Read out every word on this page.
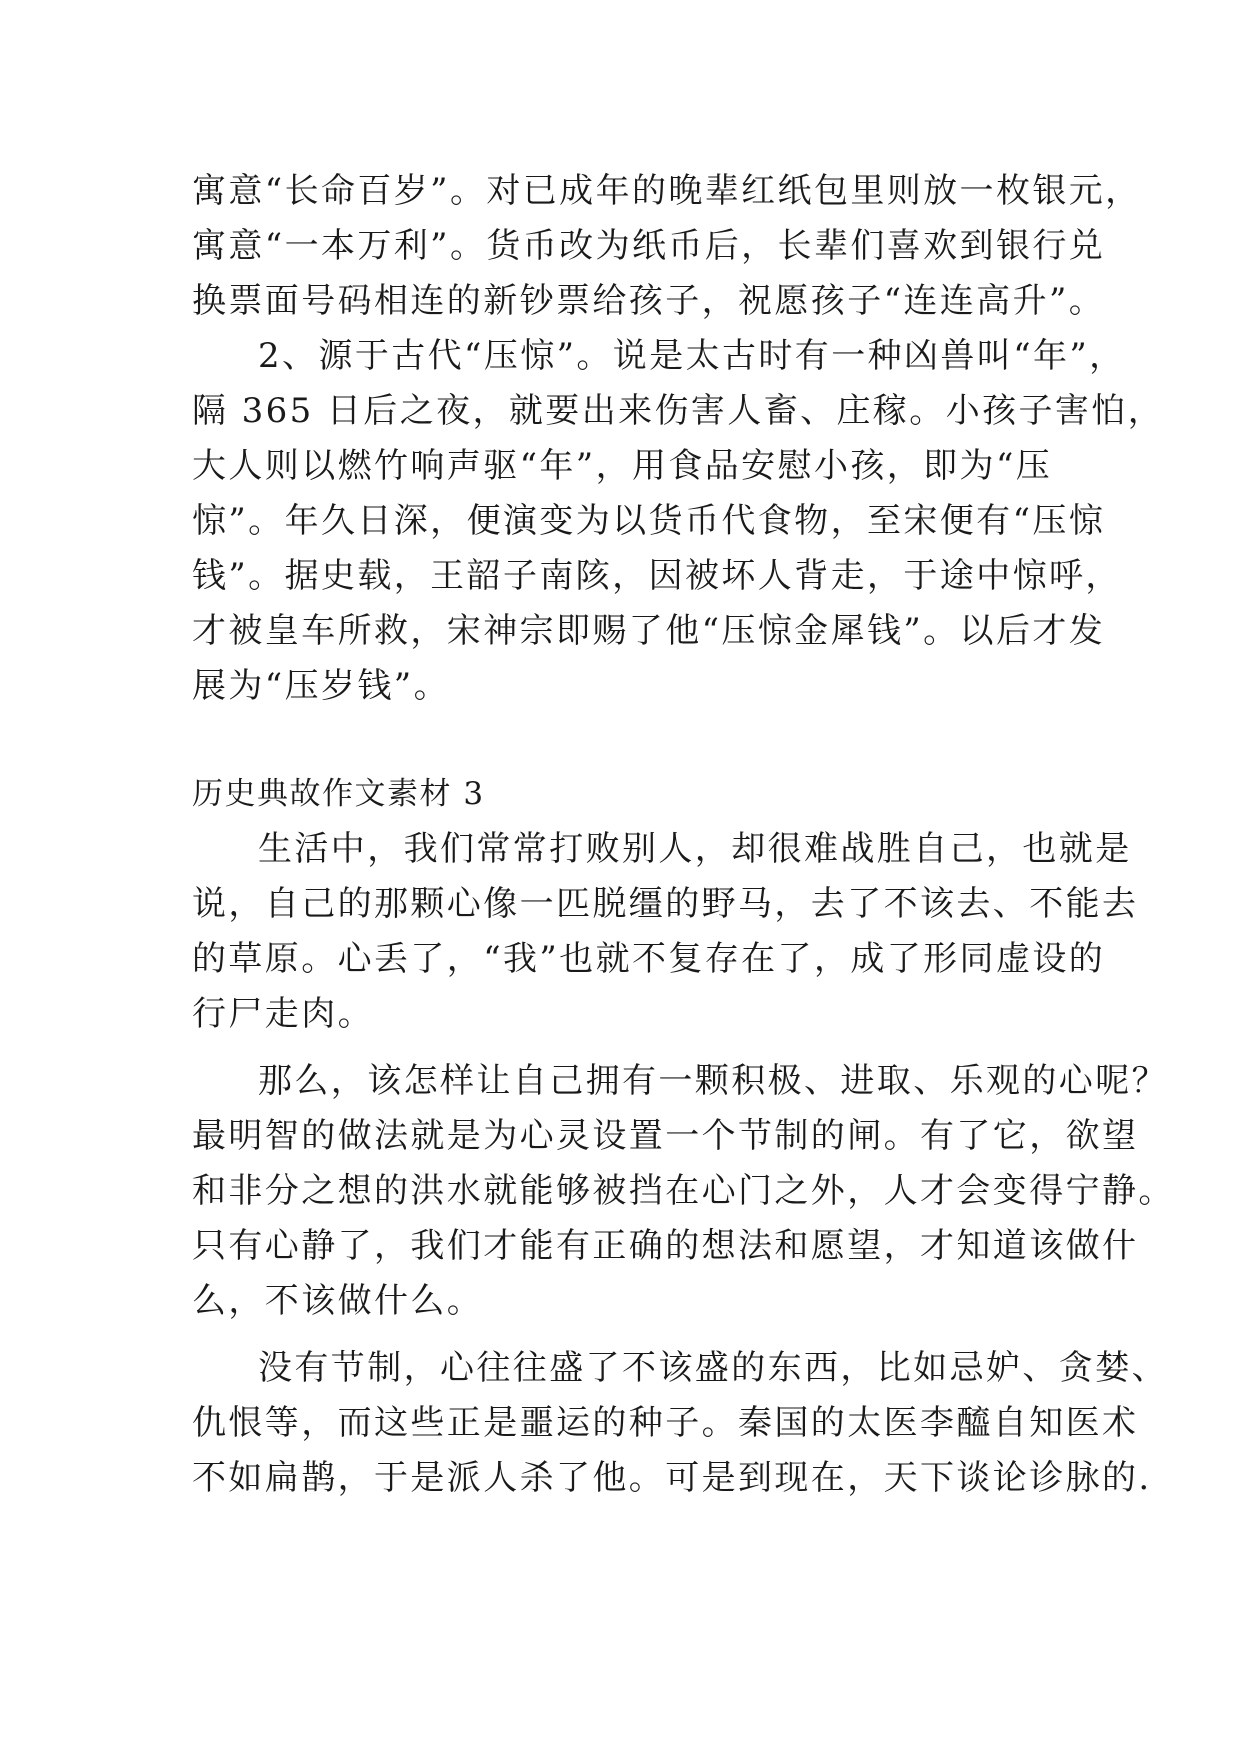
寓意“长命百岁”。对已成年的晚辈红纸包里则放一枚银元，
寓意“一本万利”。货币改为纸币后，长辈们喜欢到银行兑
换票面号码相连的新钞票给孩子，祝愿孩子“连连高升”。
2、源于古代“压惊”。说是太古时有一种凶兽叫“年”，
隔 365 日后之夜，就要出来伤害人畜、庄稼。小孩子害怕，
大人则以燃竹响声驱“年”，用食品安慰小孩，即为“压
惊”。年久日深，便演变为以货币代食物，至宋便有“压惊
钱”。据史载，王韶子南陔，因被坏人背走，于途中惊呼，
才被皇车所救，宋神宗即赐了他“压惊金犀钱”。以后才发
展为“压岁钱”。
历史典故作文素材 3
生活中，我们常常打败别人，却很难战胜自己，也就是
说，自己的那颗心像一匹脱缰的野马，去了不该去、不能去
的草原。心丢了，“我”也就不复存在了，成了形同虚设的
行尸走肉。
那么，该怎样让自己拥有一颗积极、进取、乐观的心呢？
最明智的做法就是为心灵设置一个节制的闸。有了它，欲望
和非分之想的洪水就能够被挡在心门之外，人才会变得宁静。
只有心静了，我们才能有正确的想法和愿望，才知道该做什
么，不该做什么。
没有节制，心往往盛了不该盛的东西，比如忌妒、贪婪、
仇恨等，而这些正是噩运的种子。秦国的太医李醯自知医术
不如扁鹊，于是派人杀了他。可是到现在，天下谈论诊脉的.
